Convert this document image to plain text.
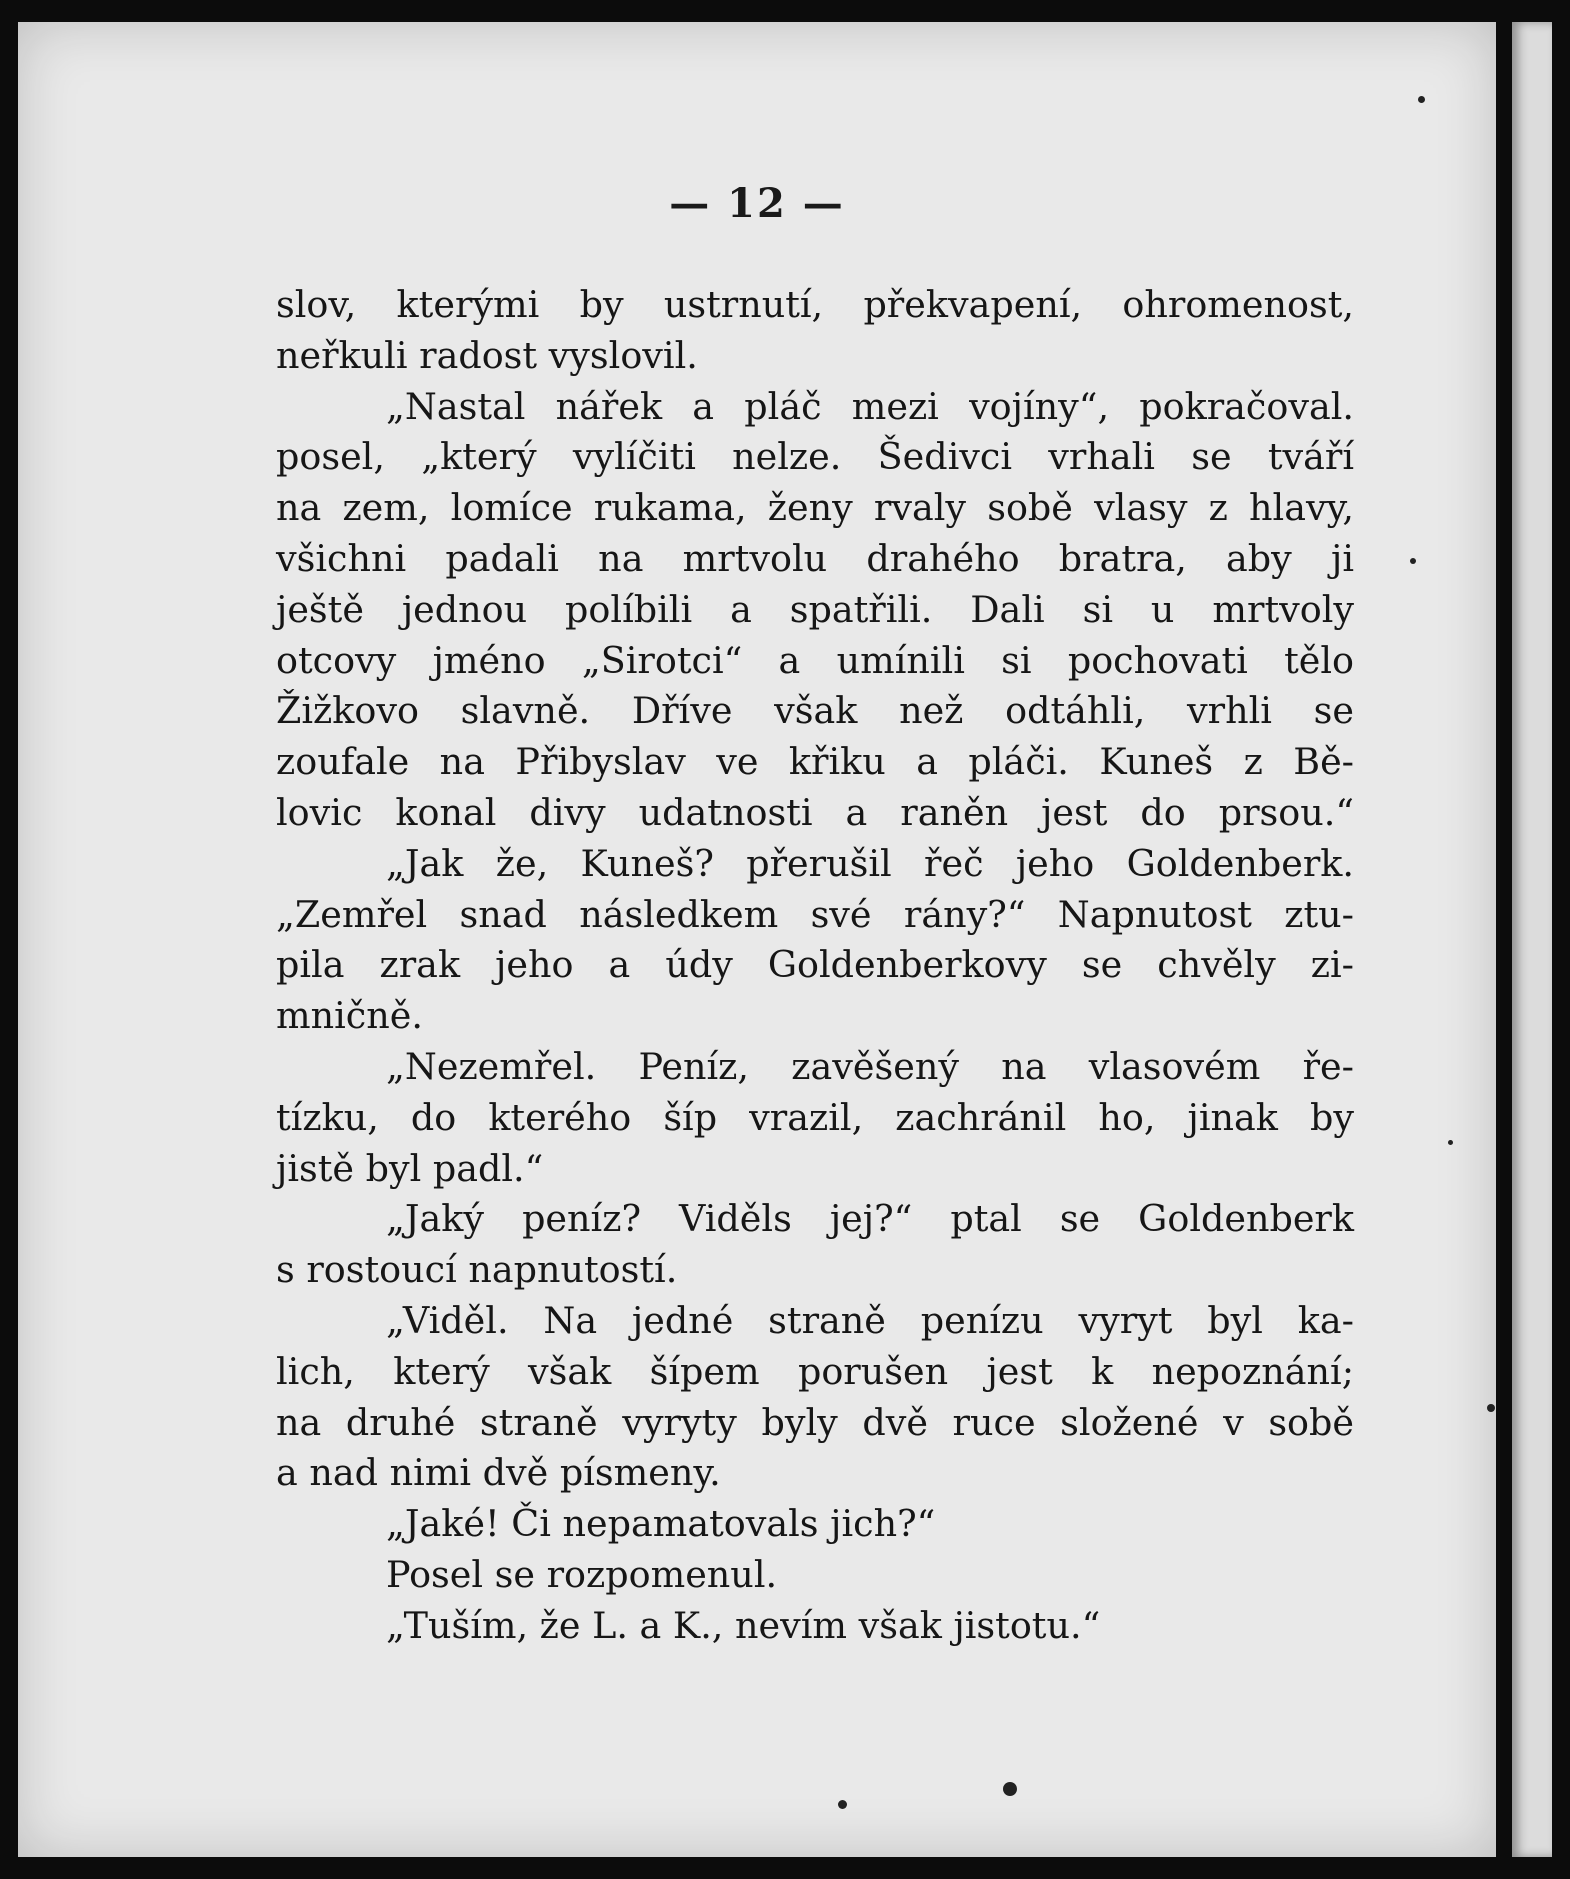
— 12 —
slov, kterými by ustrnutí, překvapení, ohromenost,
neřkuli radost vyslovil.
„Nastal nářek a pláč mezi vojíny“, pokračoval.
posel, „který vylíčiti nelze. Šedivci vrhali se tváří
na zem, lomíce rukama, ženy rvaly sobě vlasy z hlavy,
všichni padali na mrtvolu drahého bratra, aby ji
ještě jednou políbili a spatřili. Dali si u mrtvoly
otcovy jméno „Sirotci“ a umínili si pochovati tělo
Žižkovo slavně. Dříve však než odtáhli, vrhli se
zoufale na Přibyslav ve křiku a pláči. Kuneš z Bě-
lovic konal divy udatnosti a raněn jest do prsou.“
„Jak že, Kuneš? přerušil řeč jeho Goldenberk.
„Zemřel snad následkem své rány?“ Napnutost ztu-
pila zrak jeho a údy Goldenberkovy se chvěly zi-
mničně.
„Nezemřel. Peníz, zavěšený na vlasovém ře-
tízku, do kterého šíp vrazil, zachránil ho, jinak by
jistě byl padl.“
„Jaký peníz? Viděls jej?“ ptal se Goldenberk
s rostoucí napnutostí.
„Viděl. Na jedné straně penízu vyryt byl ka-
lich, který však šípem porušen jest k nepoznání;
na druhé straně vyryty byly dvě ruce složené v sobě
a nad nimi dvě písmeny.
„Jaké! Či nepamatovals jich?“
Posel se rozpomenul.
„Tuším, že L. a K., nevím však jistotu.“
